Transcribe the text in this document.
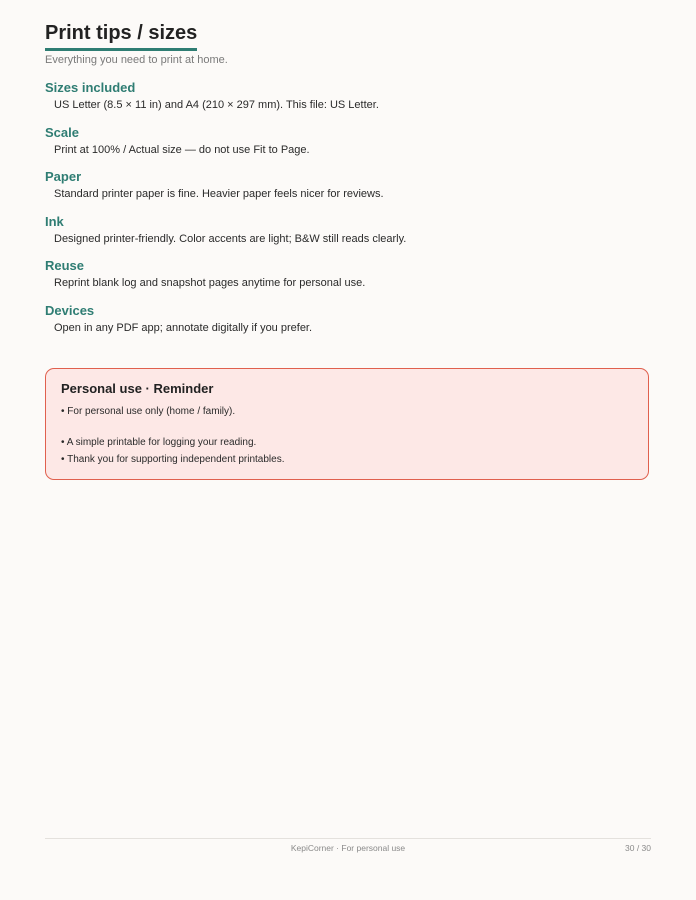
Print tips / sizes
Everything you need to print at home.
Sizes included

US Letter (8.5 × 11 in) and A4 (210 × 297 mm). This file: US Letter.

Scale

Print at 100% / Actual size — do not use Fit to Page.

Paper

Standard printer paper is fine. Heavier paper feels nicer for reviews.

Ink

Designed printer-friendly. Color accents are light; B&W still reads clearly.

Reuse

Reprint blank log and snapshot pages anytime for personal use.

Devices

Open in any PDF app; annotate digitally if you prefer.

Personal use · Reminder
• For personal use only (home / family).
• A simple printable for logging your reading.
• Thank you for supporting independent printables.
KepiCorner · For personal use	30 / 30
